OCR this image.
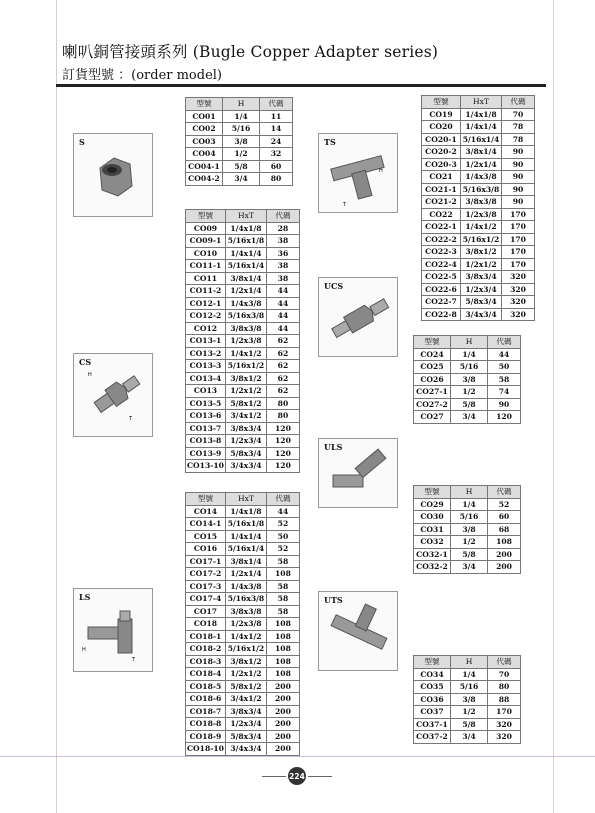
喇叭銅管接頭系列 (Bugle Copper Adapter series)
訂貨型號 ：(order model)
S
CS
H
T
LS
H
T
TS
H
T
UCS
ULS
UTS
型號	H	代碼
CO01	1/4	11
CO02	5/16	14
CO03	3/8	24
CO04	1/2	32
CO04-1	5/8	60
CO04-2	3/4	80
型號	HxT	代碼
CO09	1/4x1/8	28
CO09-1	5/16x1/8	38
CO10	1/4x1/4	36
CO11-1	5/16x1/4	38
CO11	3/8x1/4	38
CO11-2	1/2x1/4	44
CO12-1	1/4x3/8	44
CO12-2	5/16x3/8	44
CO12	3/8x3/8	44
CO13-1	1/2x3/8	62
CO13-2	1/4x1/2	62
CO13-3	5/16x1/2	62
CO13-4	3/8x1/2	62
CO13	1/2x1/2	62
CO13-5	5/8x1/2	80
CO13-6	3/4x1/2	80
CO13-7	3/8x3/4	120
CO13-8	1/2x3/4	120
CO13-9	5/8x3/4	120
CO13-10	3/4x3/4	120
型號	HxT	代碼
CO14	1/4x1/8	44
CO14-1	5/16x1/8	52
CO15	1/4x1/4	50
CO16	5/16x1/4	52
CO17-1	3/8x1/4	58
CO17-2	1/2x1/4	108
CO17-3	1/4x3/8	58
CO17-4	5/16x3/8	58
CO17	3/8x3/8	58
CO18	1/2x3/8	108
CO18-1	1/4x1/2	108
CO18-2	5/16x1/2	108
CO18-3	3/8x1/2	108
CO18-4	1/2x1/2	108
CO18-5	5/8x1/2	200
CO18-6	3/4x1/2	200
CO18-7	3/8x3/4	200
CO18-8	1/2x3/4	200
CO18-9	5/8x3/4	200
CO18-10	3/4x3/4	200
型號	HxT	代碼
CO19	1/4x1/8	70
CO20	1/4x1/4	78
CO20-1	5/16x1/4	78
CO20-2	3/8x1/4	90
CO20-3	1/2x1/4	90
CO21	1/4x3/8	90
CO21-1	5/16x3/8	90
CO21-2	3/8x3/8	90
CO22	1/2x3/8	170
CO22-1	1/4x1/2	170
CO22-2	5/16x1/2	170
CO22-3	3/8x1/2	170
CO22-4	1/2x1/2	170
CO22-5	3/8x3/4	320
CO22-6	1/2x3/4	320
CO22-7	5/8x3/4	320
CO22-8	3/4x3/4	320
型號	H	代碼
CO24	1/4	44
CO25	5/16	50
CO26	3/8	58
CO27-1	1/2	74
CO27-2	5/8	90
CO27	3/4	120
型號	H	代碼
CO29	1/4	52
CO30	5/16	60
CO31	3/8	68
CO32	1/2	108
CO32-1	5/8	200
CO32-2	3/4	200
型號	H	代碼
CO34	1/4	70
CO35	5/16	80
CO36	3/8	88
CO37	1/2	170
CO37-1	5/8	320
CO37-2	3/4	320
224
